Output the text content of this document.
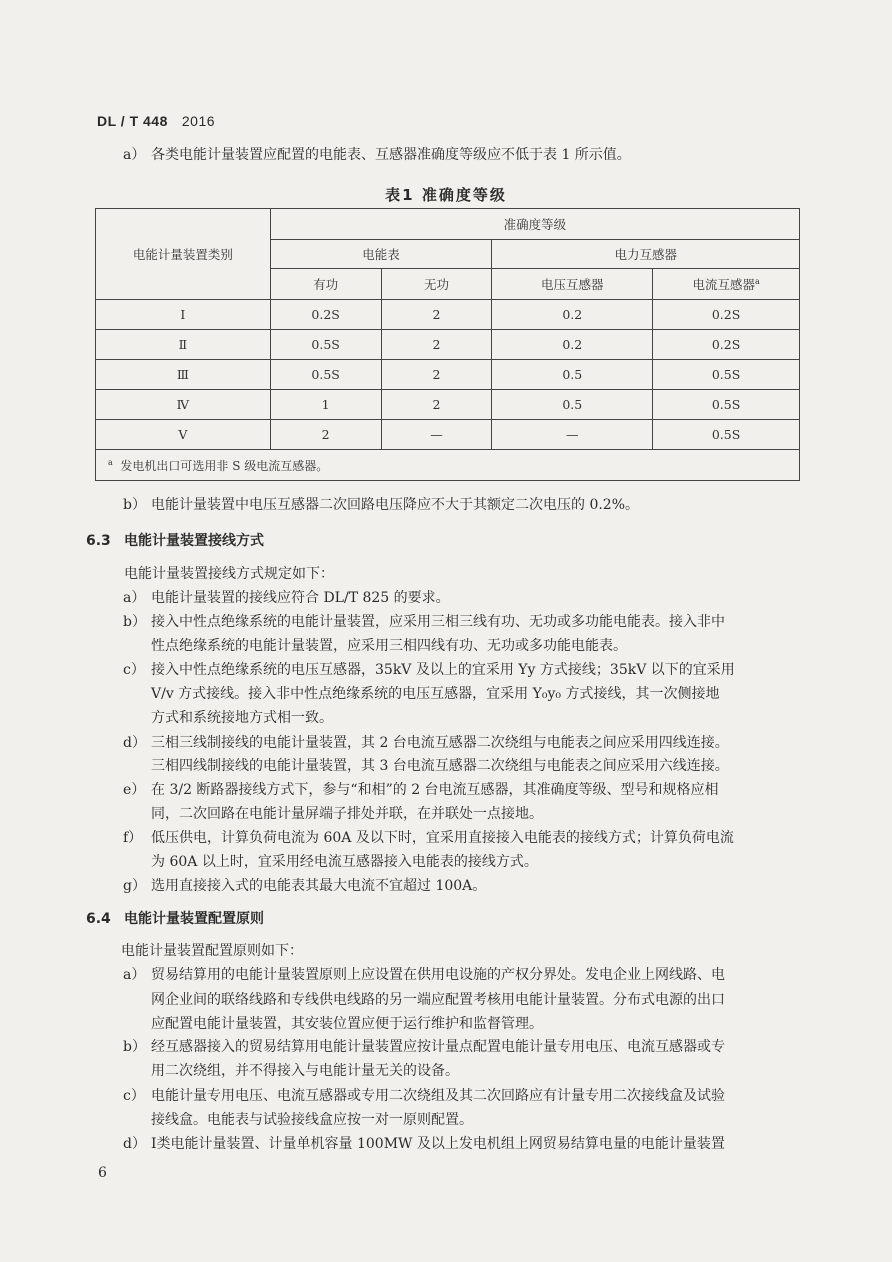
DL / T 448 2016
a） 各类电能计量装置应配置的电能表、互感器准确度等级应不低于表 1 所示值。
表1 准确度等级
电能计量装置类别	准确度等级			
	电能表		电力互感器	
	有功	无功	电压互感器	电流互感器$^a$
Ⅰ	0.2S	2	0.2	0.2S
Ⅱ	0.5S	2	0.2	0.2S
Ⅲ	0.5S	2	0.5	0.5S
Ⅳ	1	2	0.5	0.5S
Ⅴ	2	—	—	0.5S
$^a$ 发电机出口可选用非 S 级电流互感器。				
b） 电能计量装置中电压互感器二次回路电压降应不大于其额定二次电压的 0.2%。
6.3 电能计量装置接线方式
电能计量装置接线方式规定如下：
a） 电能计量装置的接线应符合 DL/T 825 的要求。
b） 接入中性点绝缘系统的电能计量装置，应采用三相三线有功、无功或多功能电能表。接入非中
性点绝缘系统的电能计量装置，应采用三相四线有功、无功或多功能电能表。
c） 接入中性点绝缘系统的电压互感器，35kV 及以上的宜采用 Yy 方式接线；35kV 以下的宜采用
V/v 方式接线。接入非中性点绝缘系统的电压互感器，宜采用 Y₀y₀ 方式接线，其一次侧接地
方式和系统接地方式相一致。
d） 三相三线制接线的电能计量装置，其 2 台电流互感器二次绕组与电能表之间应采用四线连接。
三相四线制接线的电能计量装置，其 3 台电流互感器二次绕组与电能表之间应采用六线连接。
e） 在 3/2 断路器接线方式下，参与“和相”的 2 台电流互感器，其准确度等级、型号和规格应相
同，二次回路在电能计量屏端子排处并联，在并联处一点接地。
f） 低压供电，计算负荷电流为 60A 及以下时，宜采用直接接入电能表的接线方式；计算负荷电流
为 60A 以上时，宜采用经电流互感器接入电能表的接线方式。
g） 选用直接接入式的电能表其最大电流不宜超过 100A。
6.4 电能计量装置配置原则
电能计量装置配置原则如下：
a） 贸易结算用的电能计量装置原则上应设置在供用电设施的产权分界处。发电企业上网线路、电
网企业间的联络线路和专线供电线路的另一端应配置考核用电能计量装置。分布式电源的出口
应配置电能计量装置，其安装位置应便于运行维护和监督管理。
b） 经互感器接入的贸易结算用电能计量装置应按计量点配置电能计量专用电压、电流互感器或专
用二次绕组，并不得接入与电能计量无关的设备。
c） 电能计量专用电压、电流互感器或专用二次绕组及其二次回路应有计量专用二次接线盒及试验
接线盒。电能表与试验接线盒应按一对一原则配置。
d） Ⅰ类电能计量装置、计量单机容量 100MW 及以上发电机组上网贸易结算电量的电能计量装置
6
